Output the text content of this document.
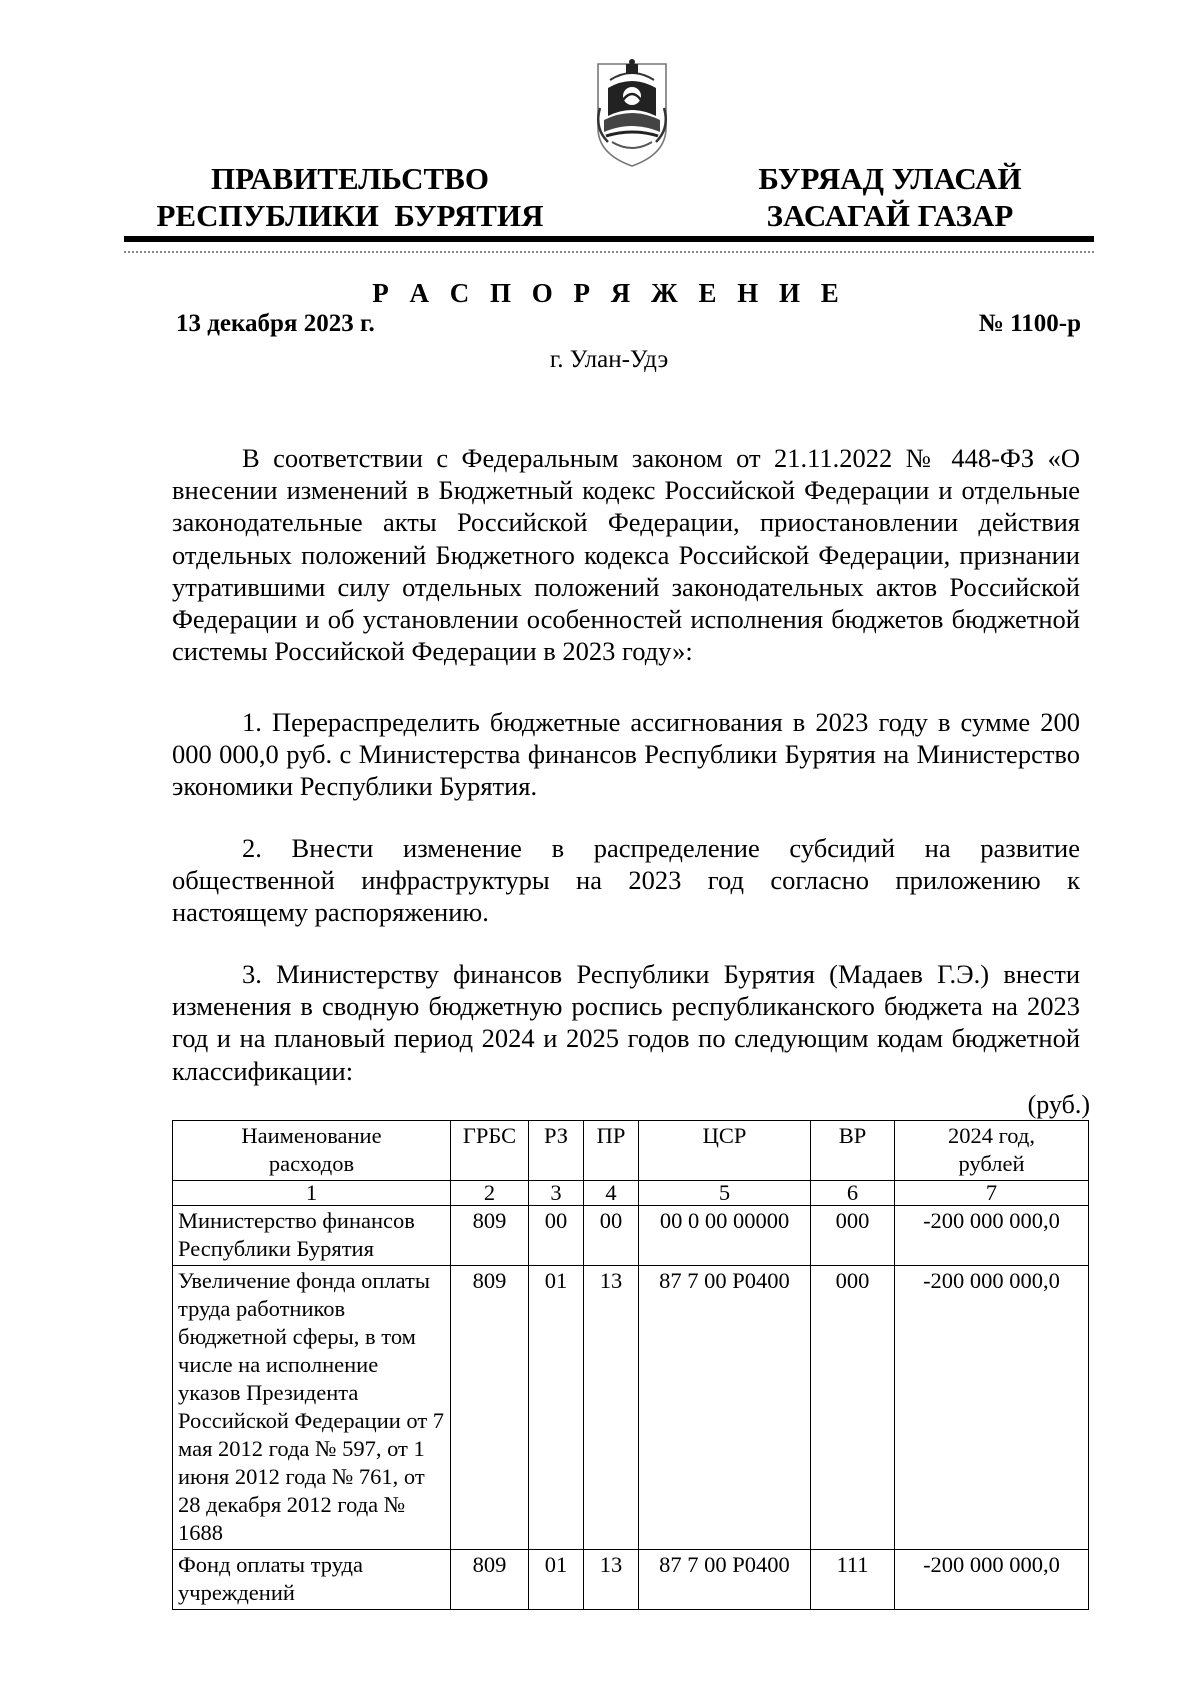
ПРАВИТЕЛЬСТВО
РЕСПУБЛИКИ  БУРЯТИЯ
БУРЯАД УЛАСАЙ
ЗАСАГАЙ ГАЗАР
Р А С П О Р Я Ж Е Н И Е
13 декабря 2023 г.	№ 1100-р
г. Улан-Удэ
В соответствии с Федеральным законом от 21.11.2022 № 448-ФЗ «О внесении изменений в Бюджетный кодекс Российской Федерации и отдельные законодательные акты Российской Федерации, приостановлении действия отдельных положений Бюджетного кодекса Российской Федерации, признании утратившими силу отдельных положений законодательных актов Российской Федерации и об установлении особенностей исполнения бюджетов бюджетной системы Российской Федерации в 2023 году»:
1. Перераспределить бюджетные ассигнования в 2023 году в сумме 200 000 000,0 руб. с Министерства финансов Республики Бурятия на Министерство экономики Республики Бурятия.
2. Внести изменение в распределение субсидий на развитие общественной инфраструктуры на 2023 год согласно приложению к настоящему распоряжению.
3. Министерству финансов Республики Бурятия (Мадаев Г.Э.) внести изменения в сводную бюджетную роспись республиканского бюджета на 2023 год и на плановый период 2024 и 2025 годов по следующим кодам бюджетной классификации:
(руб.)
Наименование расходов	ГРБС	РЗ	ПР	ЦСР	ВР	2024 год, рублей
1	2	3	4	5	6	7
Министерство финансов Республики Бурятия	809	00	00	00 0 00 00000	000	-200 000 000,0
Увеличение фонда оплаты труда работников бюджетной сферы, в том числе на исполнение указов Президента Российской Федерации от 7 мая 2012 года № 597, от 1 июня 2012 года № 761, от 28 декабря 2012 года № 1688	809	01	13	87 7 00 Р0400	000	-200 000 000,0
Фонд оплаты труда учреждений	809	01	13	87 7 00 Р0400	111	-200 000 000,0
